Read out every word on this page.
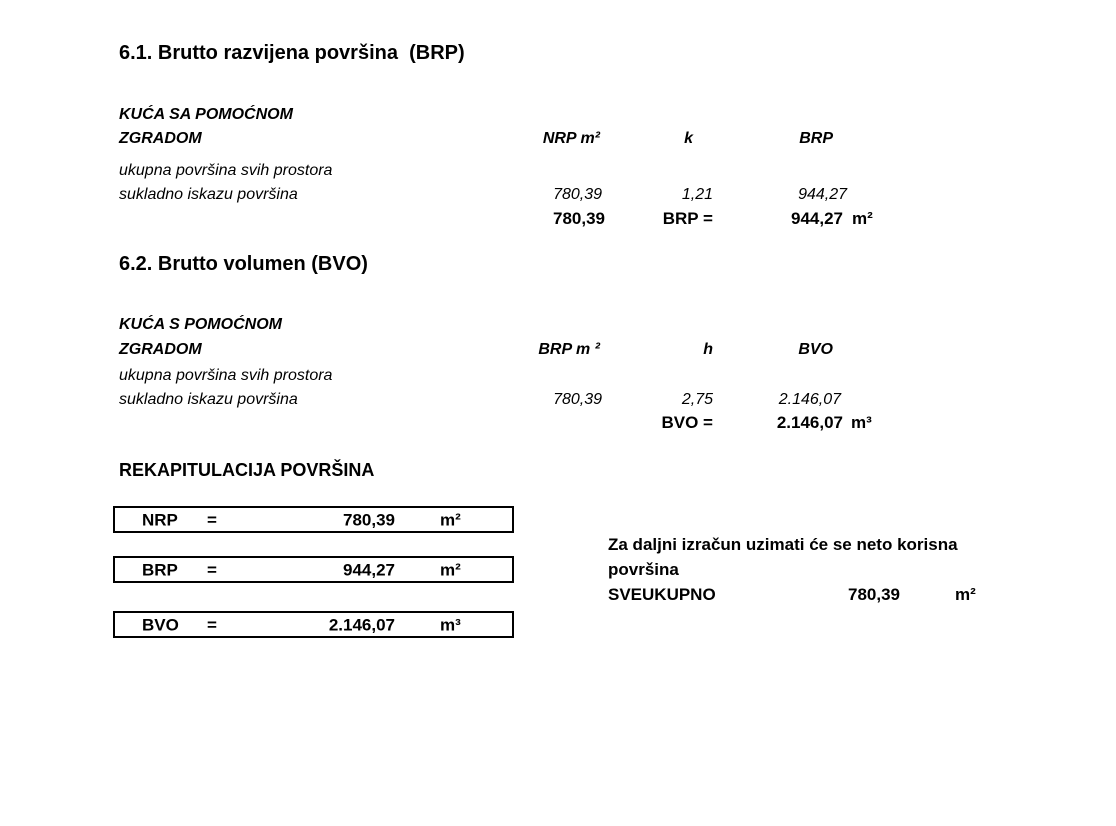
6.1. Brutto razvijena površina  (BRP)
KUĆA SA POMOĆNOM
ZGRADOM	NRP m²	k	BRP
ukupna površina svih prostora
sukladno iskazu površina	780,39	1,21	944,27
780,39	BRP =	944,27 m²
6.2. Brutto volumen (BVO)
KUĆA S POMOĆNOM
ZGRADOM	BRP m ²	h	BVO
ukupna površina svih prostora
sukladno iskazu površina	780,39	2,75	2.146,07
BVO =	2.146,07 m³
REKAPITULACIJA POVRŠINA
NRP =	780,39	m²
BRP =	944,27	m²
BVO =	2.146,07	m³
Za daljni izračun uzimati će se neto korisna
površina
SVEUKUPNO	780,39	m²
